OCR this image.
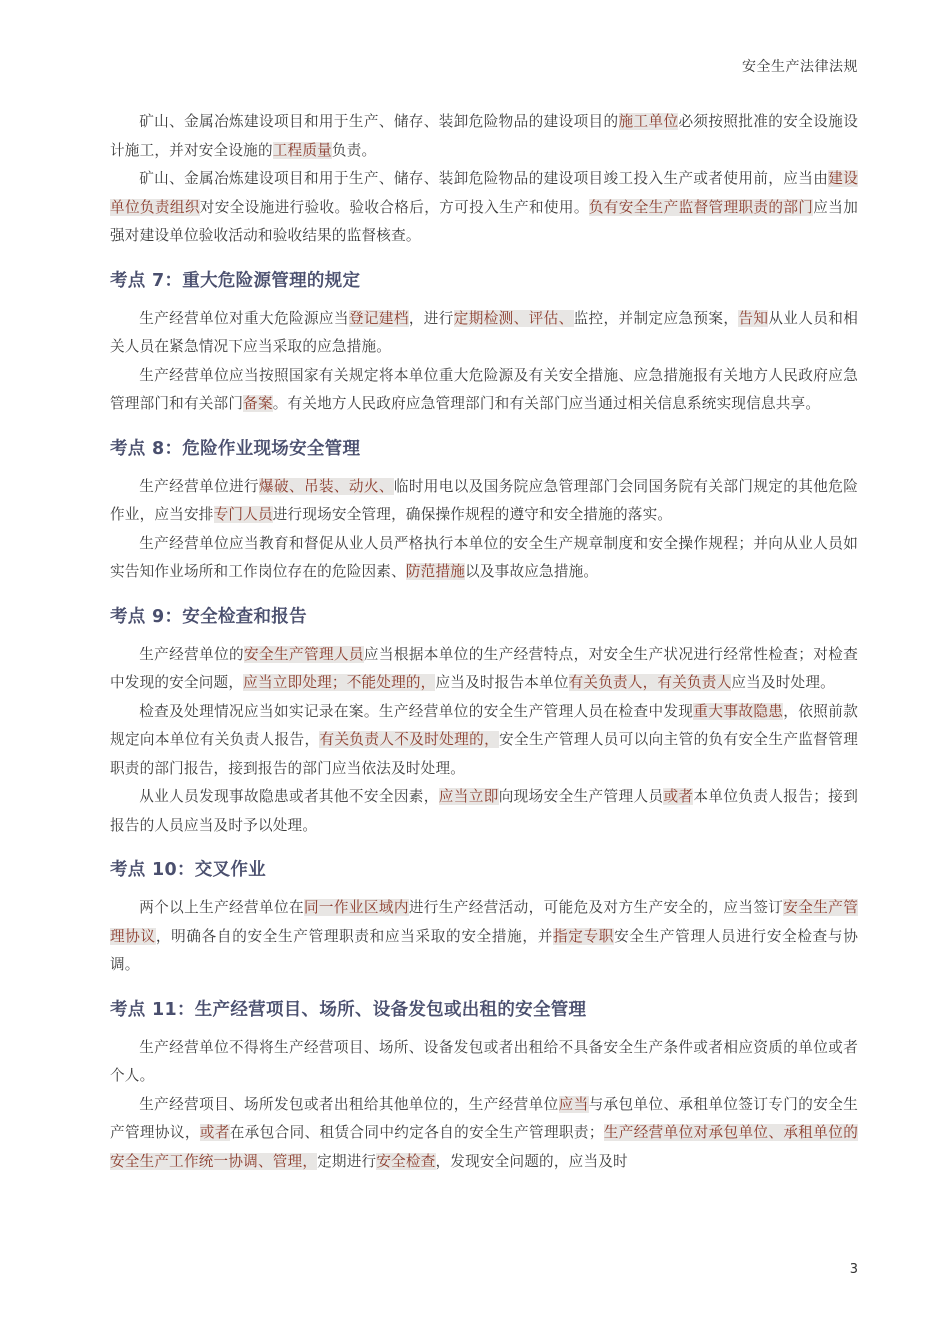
安全生产法律法规

矿山、金属冶炼建设项目和用于生产、储存、装卸危险物品的建设项目的施工单位必须按照批准的安全设施设计施工，并对安全设施的工程质量负责。

矿山、金属冶炼建设项目和用于生产、储存、装卸危险物品的建设项目竣工投入生产或者使用前，应当由建设单位负责组织对安全设施进行验收。验收合格后，方可投入生产和使用。负有安全生产监督管理职责的部门应当加强对建设单位验收活动和验收结果的监督核查。

考点 7：重大危险源管理的规定

生产经营单位对重大危险源应当登记建档，进行定期检测、评估、监控，并制定应急预案，告知从业人员和相关人员在紧急情况下应当采取的应急措施。

生产经营单位应当按照国家有关规定将本单位重大危险源及有关安全措施、应急措施报有关地方人民政府应急管理部门和有关部门备案。有关地方人民政府应急管理部门和有关部门应当通过相关信息系统实现信息共享。

考点 8：危险作业现场安全管理

生产经营单位进行爆破、吊装、动火、临时用电以及国务院应急管理部门会同国务院有关部门规定的其他危险作业，应当安排专门人员进行现场安全管理，确保操作规程的遵守和安全措施的落实。

生产经营单位应当教育和督促从业人员严格执行本单位的安全生产规章制度和安全操作规程；并向从业人员如实告知作业场所和工作岗位存在的危险因素、防范措施以及事故应急措施。

考点 9：安全检查和报告

生产经营单位的安全生产管理人员应当根据本单位的生产经营特点，对安全生产状况进行经常性检查；对检查中发现的安全问题，应当立即处理；不能处理的，应当及时报告本单位有关负责人，有关负责人应当及时处理。

检查及处理情况应当如实记录在案。生产经营单位的安全生产管理人员在检查中发现重大事故隐患，依照前款规定向本单位有关负责人报告，有关负责人不及时处理的，安全生产管理人员可以向主管的负有安全生产监督管理职责的部门报告，接到报告的部门应当依法及时处理。

从业人员发现事故隐患或者其他不安全因素，应当立即向现场安全生产管理人员或者本单位负责人报告；接到报告的人员应当及时予以处理。

考点 10：交叉作业

两个以上生产经营单位在同一作业区域内进行生产经营活动，可能危及对方生产安全的，应当签订安全生产管理协议，明确各自的安全生产管理职责和应当采取的安全措施，并指定专职安全生产管理人员进行安全检查与协调。

考点 11：生产经营项目、场所、设备发包或出租的安全管理

生产经营单位不得将生产经营项目、场所、设备发包或者出租给不具备安全生产条件或者相应资质的单位或者个人。

生产经营项目、场所发包或者出租给其他单位的，生产经营单位应当与承包单位、承租单位签订专门的安全生产管理协议，或者在承包合同、租赁合同中约定各自的安全生产管理职责；生产经营单位对承包单位、承租单位的安全生产工作统一协调、管理，定期进行安全检查，发现安全问题的，应当及时

3
